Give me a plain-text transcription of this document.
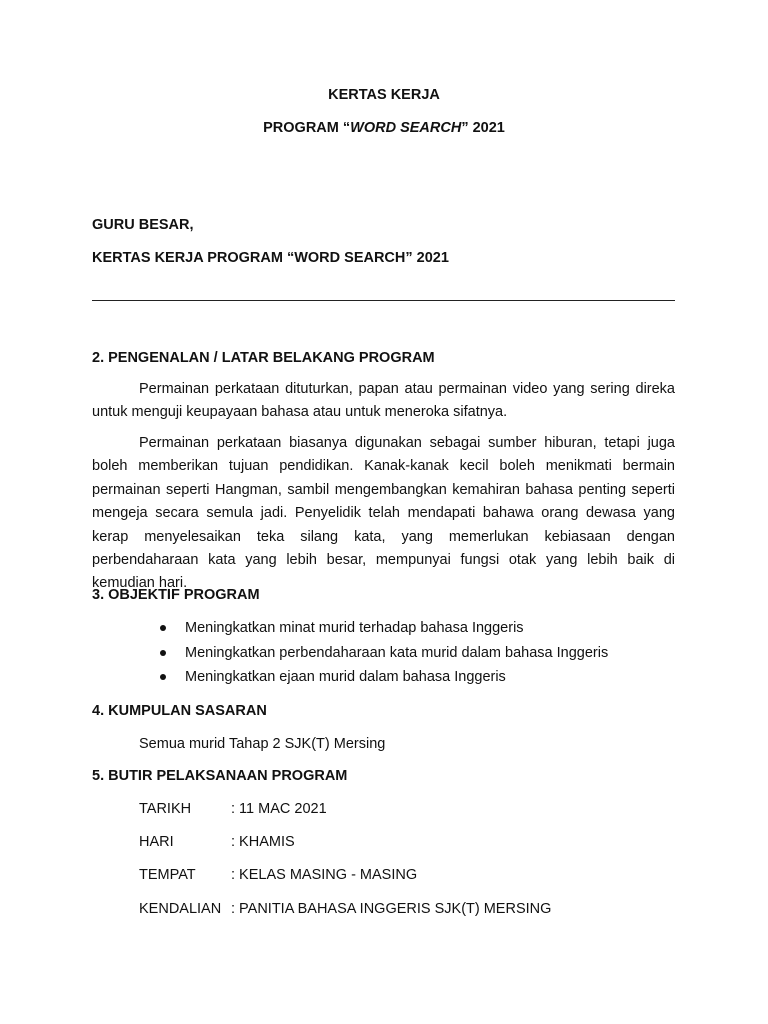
KERTAS KERJA
PROGRAM “WORD SEARCH” 2021
GURU BESAR,
KERTAS KERJA PROGRAM “WORD SEARCH” 2021
2. PENGENALAN / LATAR BELAKANG PROGRAM

Permainan perkataan dituturkan, papan atau permainan video yang sering direka untuk menguji keupayaan bahasa atau untuk meneroka sifatnya.

Permainan perkataan biasanya digunakan sebagai sumber hiburan, tetapi juga boleh memberikan tujuan pendidikan. Kanak-kanak kecil boleh menikmati bermain permainan seperti Hangman, sambil mengembangkan kemahiran bahasa penting seperti mengeja secara semula jadi. Penyelidik telah mendapati bahawa orang dewasa yang kerap menyelesaikan teka silang kata, yang memerlukan kebiasaan dengan perbendaharaan kata yang lebih besar, mempunyai fungsi otak yang lebih baik di kemudian hari.

3. OBJEKTIF PROGRAM
Meningkatkan minat murid terhadap bahasa Inggeris
Meningkatkan perbendaharaan kata murid dalam bahasa Inggeris
Meningkatkan ejaan murid dalam bahasa Inggeris
4. KUMPULAN SASARAN
Semua murid Tahap 2 SJK(T) Mersing
5. BUTIR PELAKSANAAN PROGRAM
TARIKH	: 11 MAC 2021
HARI	: KHAMIS
TEMPAT : KELAS MASING - MASING
KENDALIAN : PANITIA BAHASA INGGERIS SJK(T) MERSING
